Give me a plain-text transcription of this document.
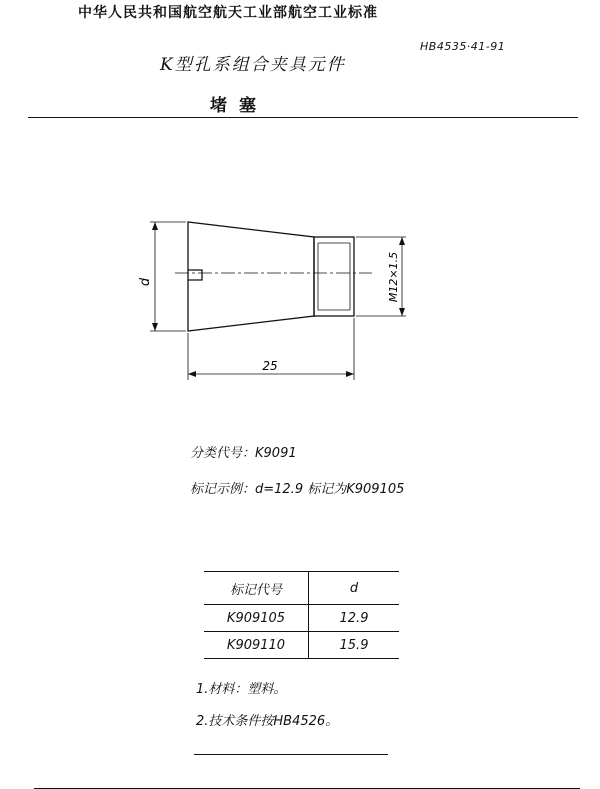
中华人民共和国航空航天工业部航空工业标准
HB4535·41-91
K型孔系组合夹具元件
堵塞
d	M12×1.5
25
分类代号：K9091
标记示例：d=12.9 标记为K909105
标记代号	d
K909105	12.9
K909110	15.9
1.材料：塑料。
2.技术条件按HB4526。
